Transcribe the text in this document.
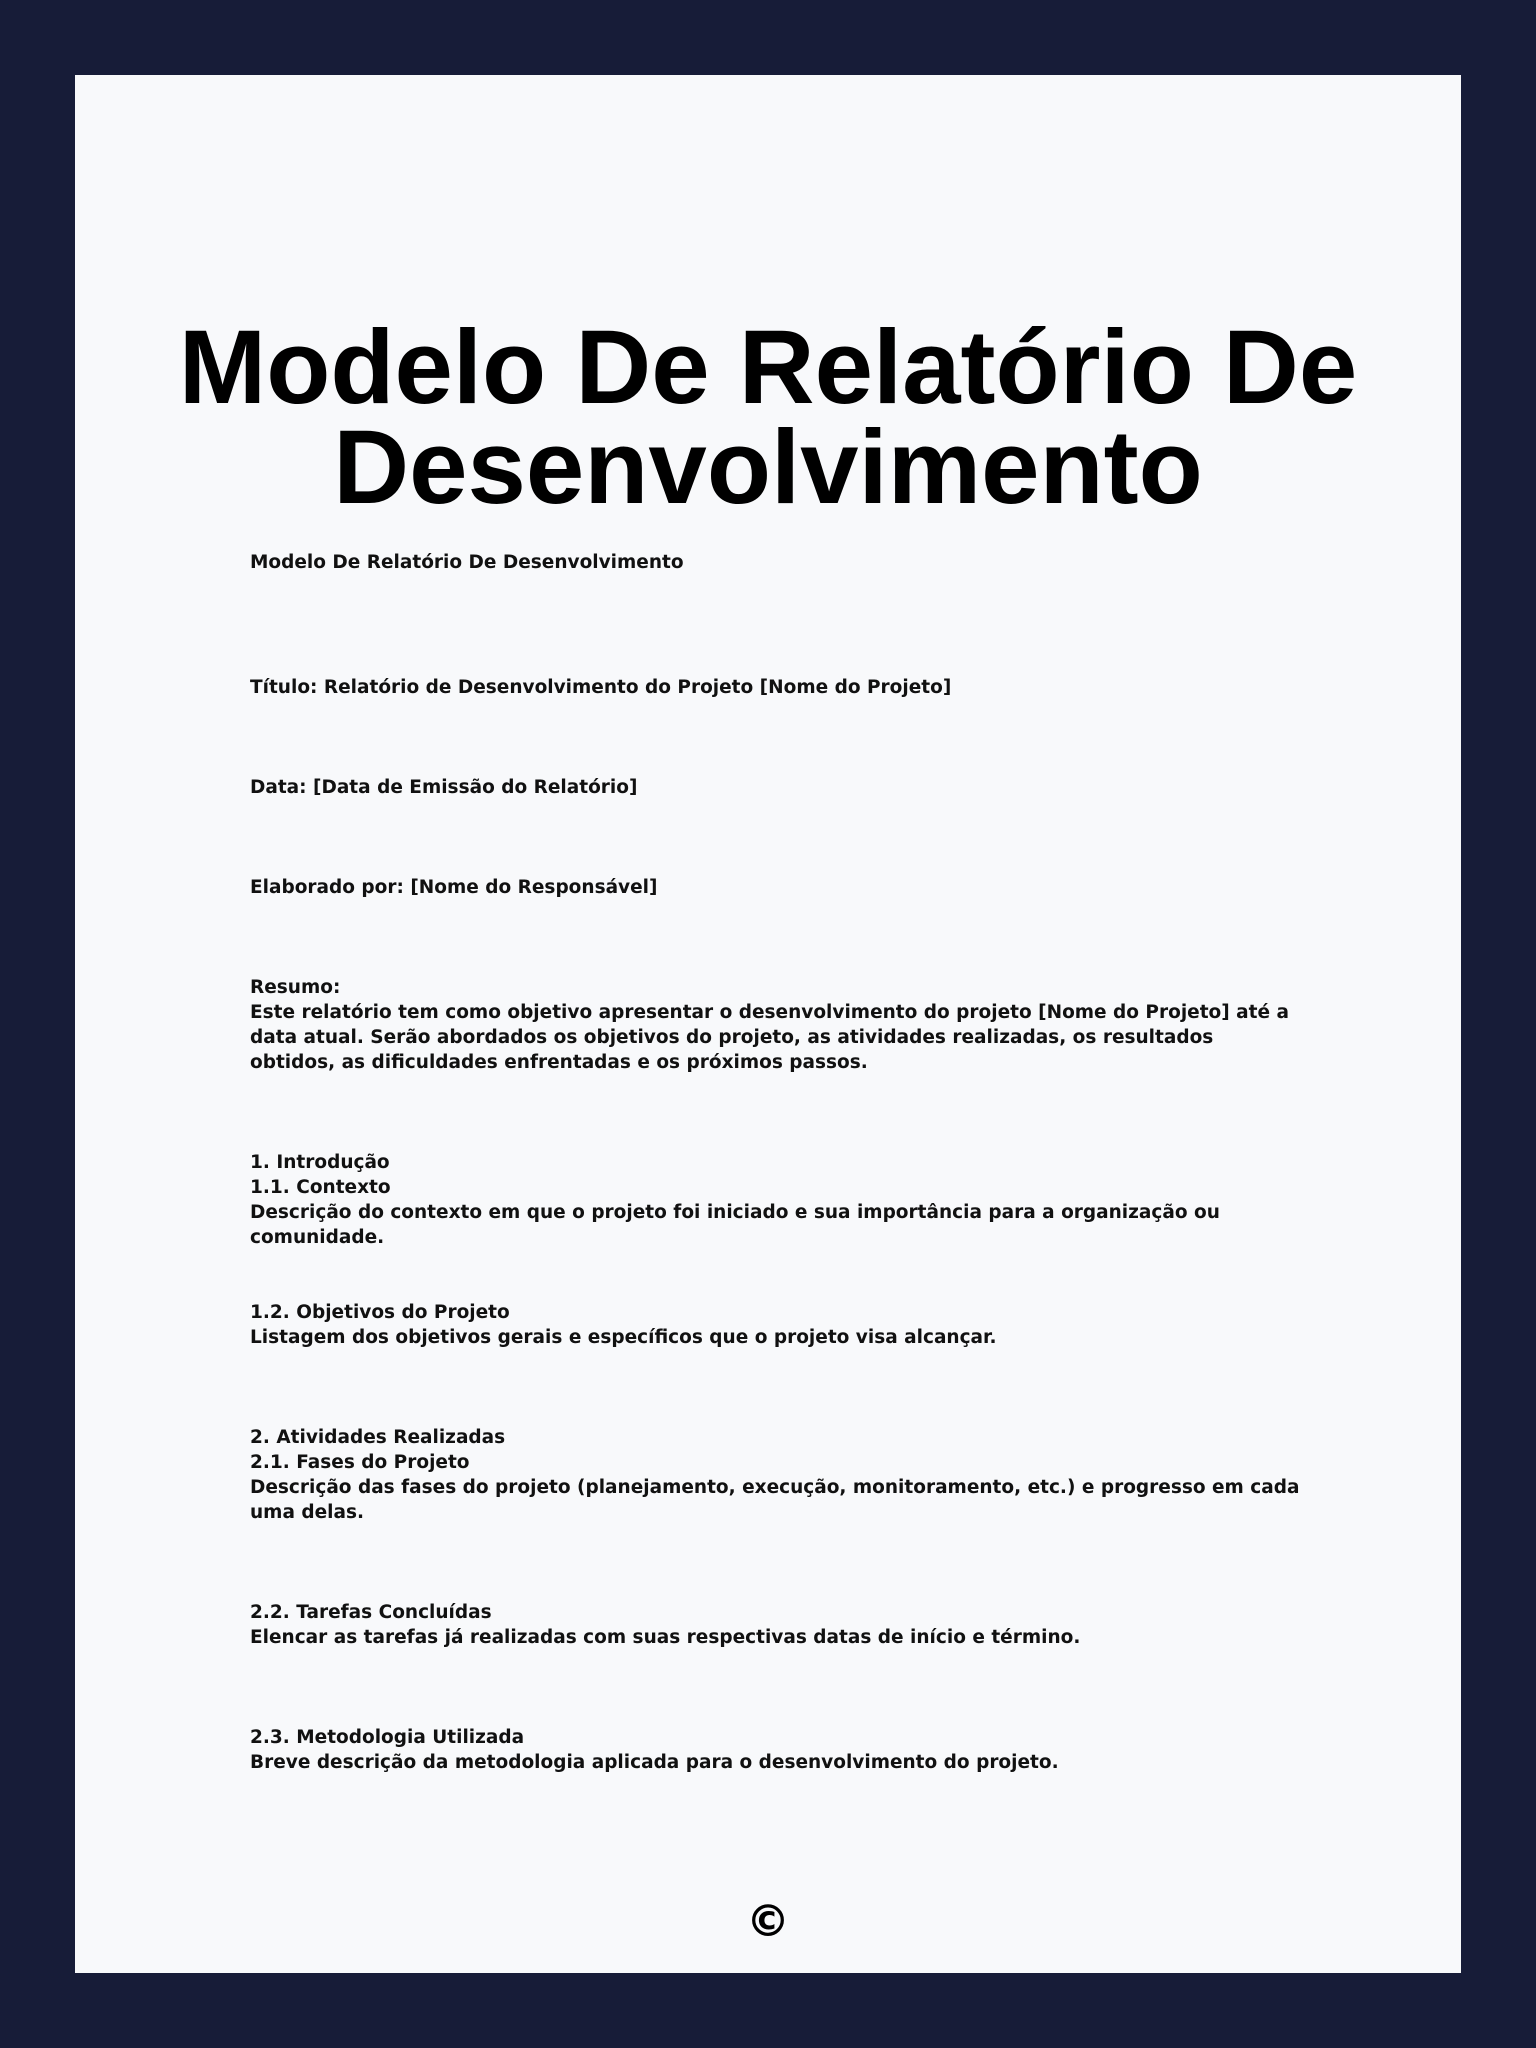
Modelo De Relatório De
Desenvolvimento
Modelo De Relatório De Desenvolvimento
Título: Relatório de Desenvolvimento do Projeto [Nome do Projeto]
Data: [Data de Emissão do Relatório]
Elaborado por: [Nome do Responsável]
Resumo:
Este relatório tem como objetivo apresentar o desenvolvimento do projeto [Nome do Projeto] até a data atual. Serão abordados os objetivos do projeto, as atividades realizadas, os resultados obtidos, as dificuldades enfrentadas e os próximos passos.
1. Introdução
1.1. Contexto
Descrição do contexto em que o projeto foi iniciado e sua importância para a organização ou comunidade.
1.2. Objetivos do Projeto
Listagem dos objetivos gerais e específicos que o projeto visa alcançar.
2. Atividades Realizadas
2.1. Fases do Projeto
Descrição das fases do projeto (planejamento, execução, monitoramento, etc.) e progresso em cada uma delas.
2.2. Tarefas Concluídas
Elencar as tarefas já realizadas com suas respectivas datas de início e término.
2.3. Metodologia Utilizada
Breve descrição da metodologia aplicada para o desenvolvimento do projeto.
©
